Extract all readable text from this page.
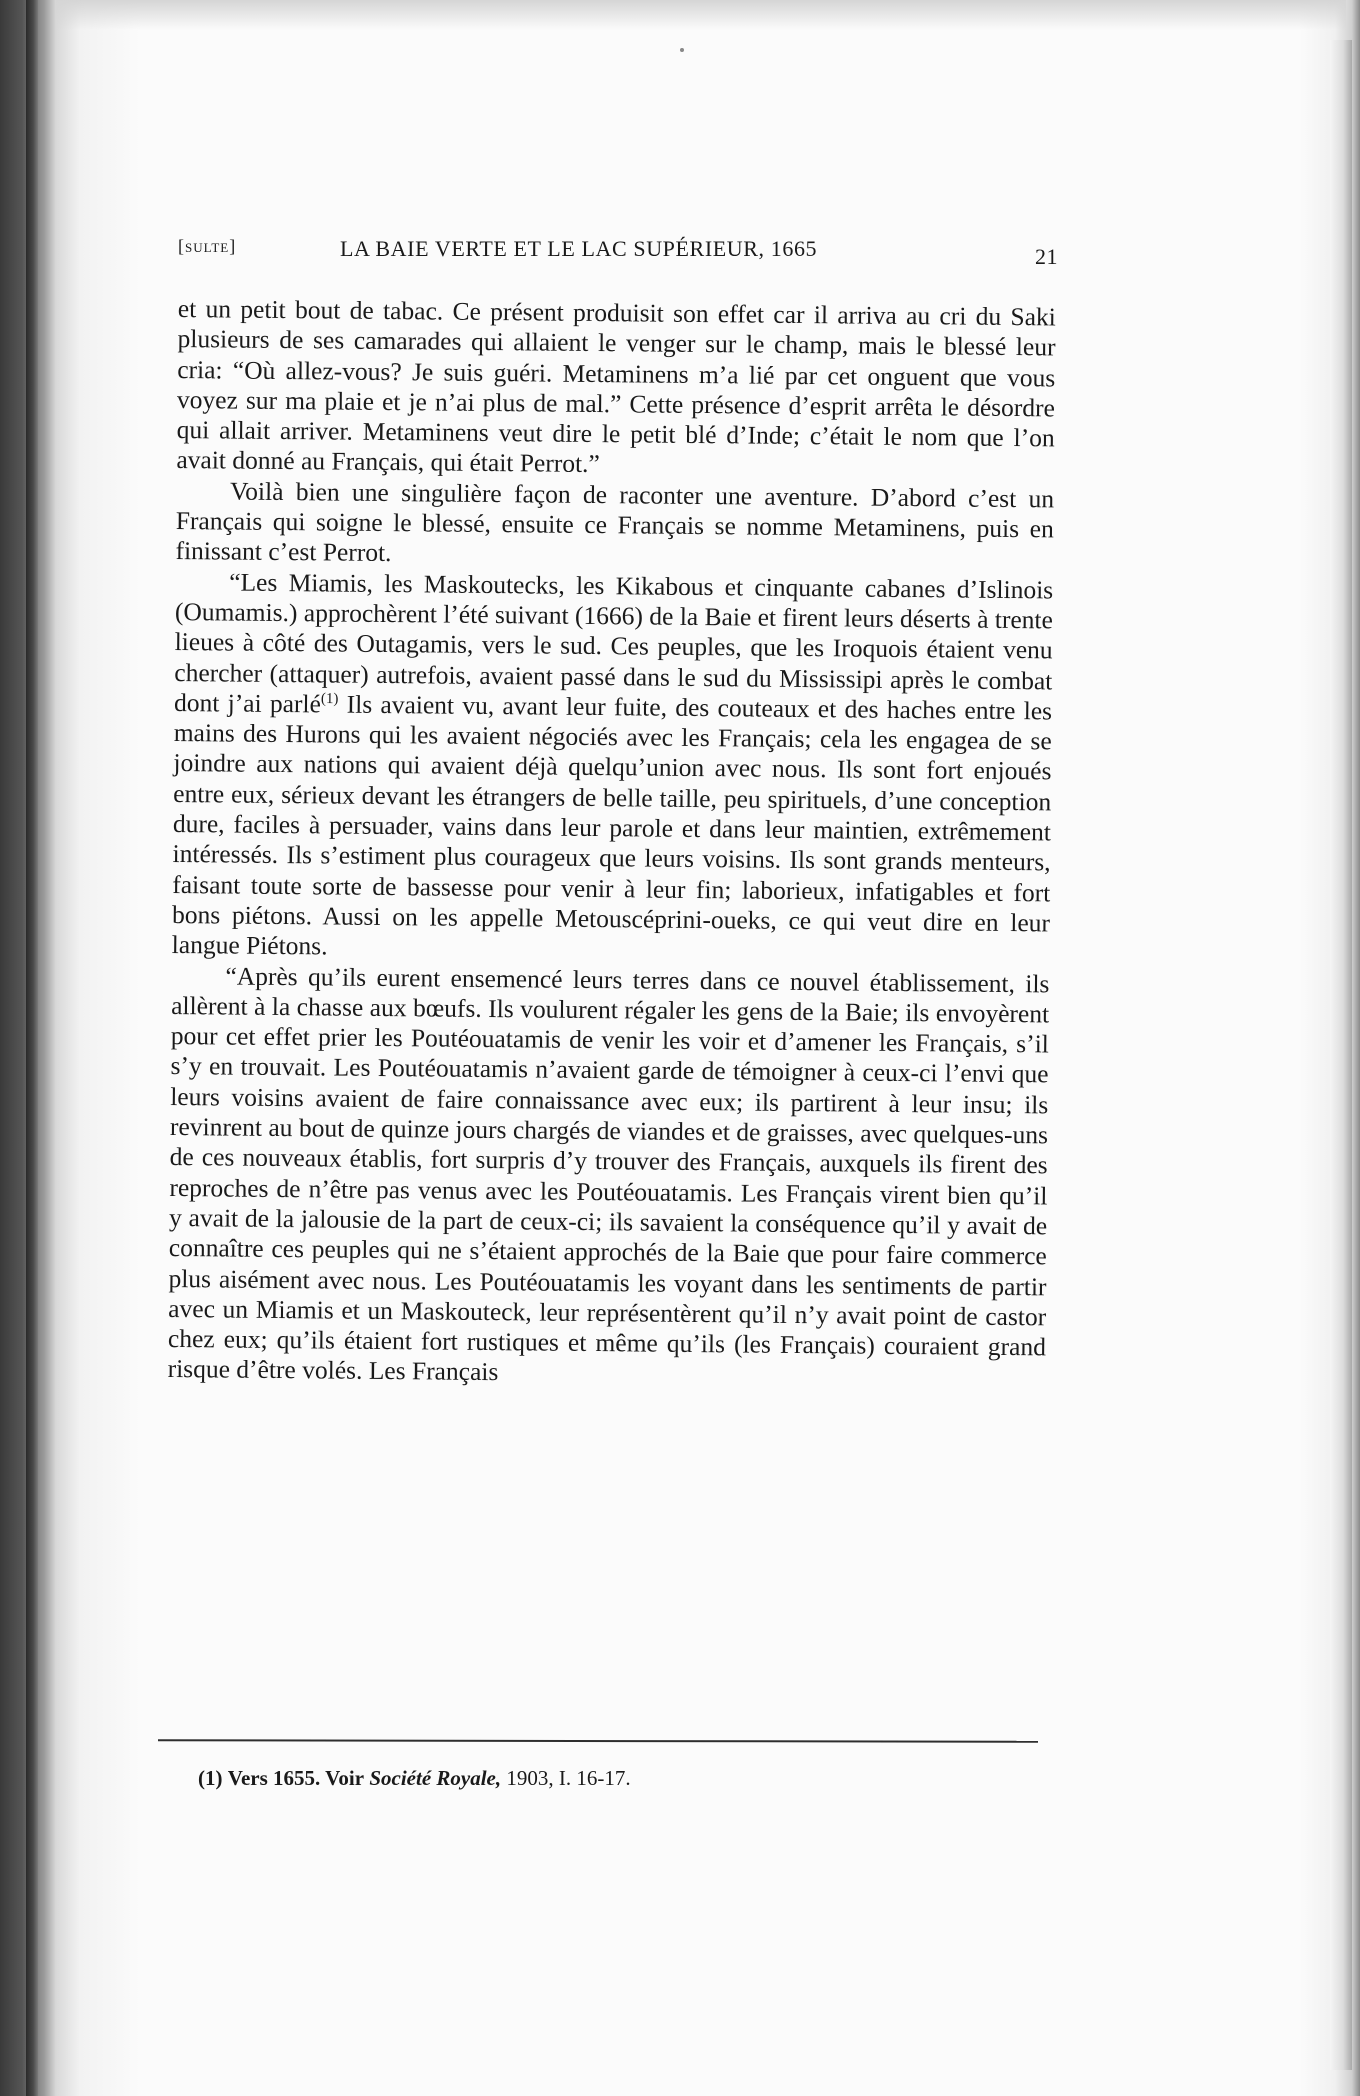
[sulte]	LA BAIE VERTE ET LE LAC SUPÉRIEUR, 1665	21

et un petit bout de tabac. Ce présent produisit son effet car il arriva au cri du Saki plusieurs de ses camarades qui allaient le venger sur le champ, mais le blessé leur cria: “Où allez-vous? Je suis guéri. Metaminens m’a lié par cet onguent que vous voyez sur ma plaie et je n’ai plus de mal.” Cette présence d’esprit arrêta le désordre qui allait arriver. Metaminens veut dire le petit blé d’Inde; c’était le nom que l’on avait donné au Français, qui était Perrot.”

Voilà bien une singulière façon de raconter une aventure. D’abord c’est un Français qui soigne le blessé, ensuite ce Français se nomme Metaminens, puis en finissant c’est Perrot.

“Les Miamis, les Maskoutecks, les Kikabous et cinquante cabanes d’Islinois (Oumamis.) approchèrent l’été suivant (1666) de la Baie et firent leurs déserts à trente lieues à côté des Outagamis, vers le sud. Ces peuples, que les Iroquois étaient venu chercher (attaquer) autrefois, avaient passé dans le sud du Mississipi après le combat dont j’ai parlé$^{(1)}$ Ils avaient vu, avant leur fuite, des couteaux et des haches entre les mains des Hurons qui les avaient négociés avec les Français; cela les engagea de se joindre aux nations qui avaient déjà quelqu’union avec nous. Ils sont fort enjoués entre eux, sérieux devant les étrangers de belle taille, peu spirituels, d’une conception dure, faciles à persuader, vains dans leur parole et dans leur maintien, extrêmement intéressés. Ils s’estiment plus courageux que leurs voisins. Ils sont grands menteurs, faisant toute sorte de bassesse pour venir à leur fin; laborieux, infatigables et fort bons piétons. Aussi on les appelle Metouscéprini-oueks, ce qui veut dire en leur langue Piétons.

“Après qu’ils eurent ensemencé leurs terres dans ce nouvel établissement, ils allèrent à la chasse aux bœufs. Ils voulurent régaler les gens de la Baie; ils envoyèrent pour cet effet prier les Poutéouatamis de venir les voir et d’amener les Français, s’il s’y en trouvait. Les Poutéouatamis n’avaient garde de témoigner à ceux-ci l’envi que leurs voisins avaient de faire connaissance avec eux; ils partirent à leur insu; ils revinrent au bout de quinze jours chargés de viandes et de graisses, avec quelques-uns de ces nouveaux établis, fort surpris d’y trouver des Français, auxquels ils firent des reproches de n’être pas venus avec les Poutéouatamis. Les Français virent bien qu’il y avait de la jalousie de la part de ceux-ci; ils savaient la conséquence qu’il y avait de connaître ces peuples qui ne s’étaient approchés de la Baie que pour faire commerce plus aisément avec nous. Les Poutéouatamis les voyant dans les sentiments de partir avec un Miamis et un Maskouteck, leur représentèrent qu’il n’y avait point de castor chez eux; qu’ils étaient fort rustiques et même qu’ils (les Français) couraient grand risque d’être volés. Les Français

(1) Vers 1655. Voir Société Royale, 1903, I. 16-17.
